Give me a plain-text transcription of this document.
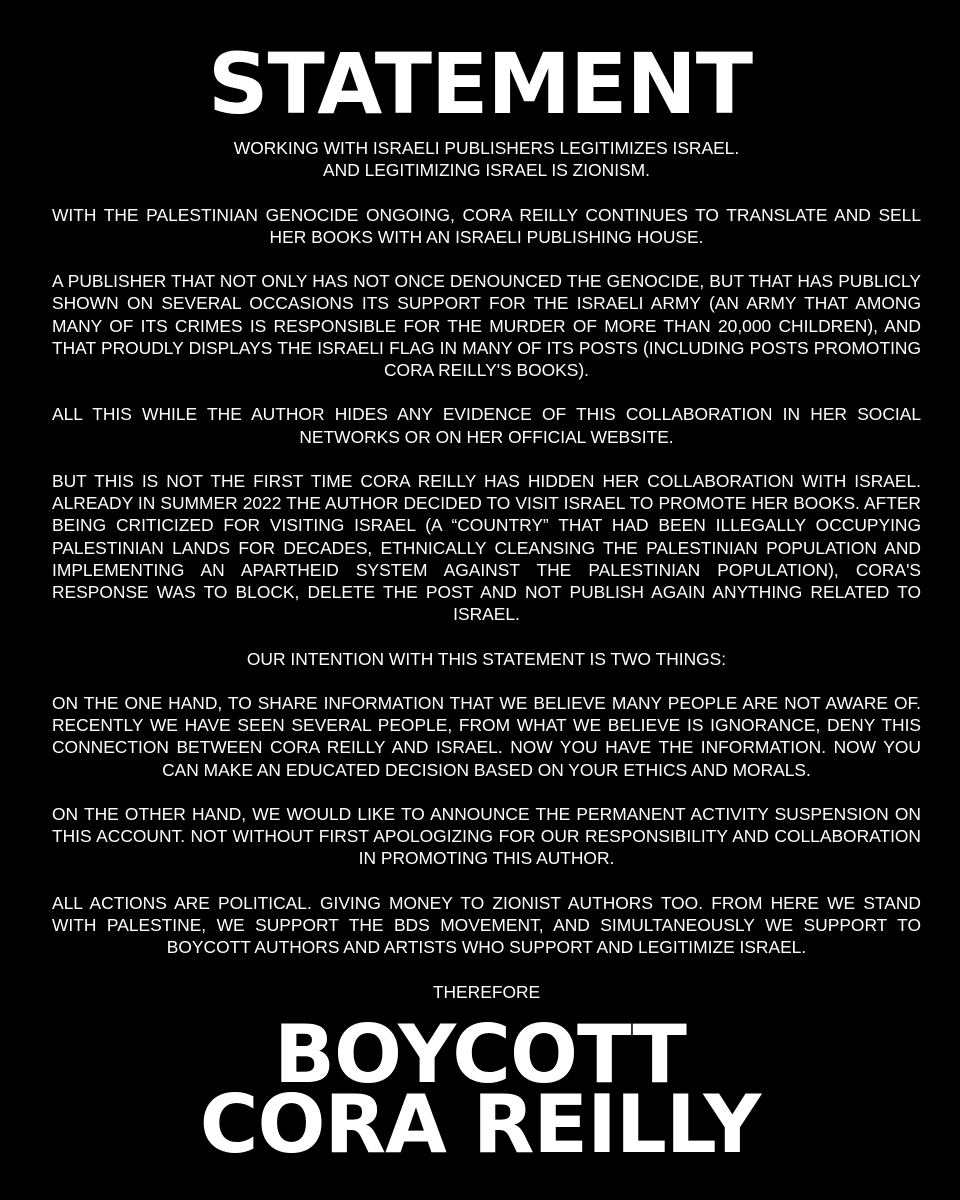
STATEMENT

WORKING WITH ISRAELI PUBLISHERS LEGITIMIZES ISRAEL.
AND LEGITIMIZING ISRAEL IS ZIONISM.

WITH THE PALESTINIAN GENOCIDE ONGOING, CORA REILLY CONTINUES TO TRANSLATE AND SELL HER BOOKS WITH AN ISRAELI PUBLISHING HOUSE.

A PUBLISHER THAT NOT ONLY HAS NOT ONCE DENOUNCED THE GENOCIDE, BUT THAT HAS PUBLICLY SHOWN ON SEVERAL OCCASIONS ITS SUPPORT FOR THE ISRAELI ARMY (AN ARMY THAT AMONG MANY OF ITS CRIMES IS RESPONSIBLE FOR THE MURDER OF MORE THAN 20,000 CHILDREN), AND THAT PROUDLY DISPLAYS THE ISRAELI FLAG IN MANY OF ITS POSTS (INCLUDING POSTS PROMOTING CORA REILLY'S BOOKS).

ALL THIS WHILE THE AUTHOR HIDES ANY EVIDENCE OF THIS COLLABORATION IN HER SOCIAL NETWORKS OR ON HER OFFICIAL WEBSITE.

BUT THIS IS NOT THE FIRST TIME CORA REILLY HAS HIDDEN HER COLLABORATION WITH ISRAEL. ALREADY IN SUMMER 2022 THE AUTHOR DECIDED TO VISIT ISRAEL TO PROMOTE HER BOOKS. AFTER BEING CRITICIZED FOR VISITING ISRAEL (A “COUNTRY” THAT HAD BEEN ILLEGALLY OCCUPYING PALESTINIAN LANDS FOR DECADES, ETHNICALLY CLEANSING THE PALESTINIAN POPULATION AND IMPLEMENTING AN APARTHEID SYSTEM AGAINST THE PALESTINIAN POPULATION), CORA'S RESPONSE WAS TO BLOCK, DELETE THE POST AND NOT PUBLISH AGAIN ANYTHING RELATED TO ISRAEL.

OUR INTENTION WITH THIS STATEMENT IS TWO THINGS:

ON THE ONE HAND, TO SHARE INFORMATION THAT WE BELIEVE MANY PEOPLE ARE NOT AWARE OF. RECENTLY WE HAVE SEEN SEVERAL PEOPLE, FROM WHAT WE BELIEVE IS IGNORANCE, DENY THIS CONNECTION BETWEEN CORA REILLY AND ISRAEL. NOW YOU HAVE THE INFORMATION. NOW YOU CAN MAKE AN EDUCATED DECISION BASED ON YOUR ETHICS AND MORALS.

ON THE OTHER HAND, WE WOULD LIKE TO ANNOUNCE THE PERMANENT ACTIVITY SUSPENSION ON THIS ACCOUNT. NOT WITHOUT FIRST APOLOGIZING FOR OUR RESPONSIBILITY AND COLLABORATION IN PROMOTING THIS AUTHOR.

ALL ACTIONS ARE POLITICAL. GIVING MONEY TO ZIONIST AUTHORS TOO. FROM HERE WE STAND WITH PALESTINE, WE SUPPORT THE BDS MOVEMENT, AND SIMULTANEOUSLY WE SUPPORT TO BOYCOTT AUTHORS AND ARTISTS WHO SUPPORT AND LEGITIMIZE ISRAEL.

THEREFORE

BOYCOTT
CORA REILLY
